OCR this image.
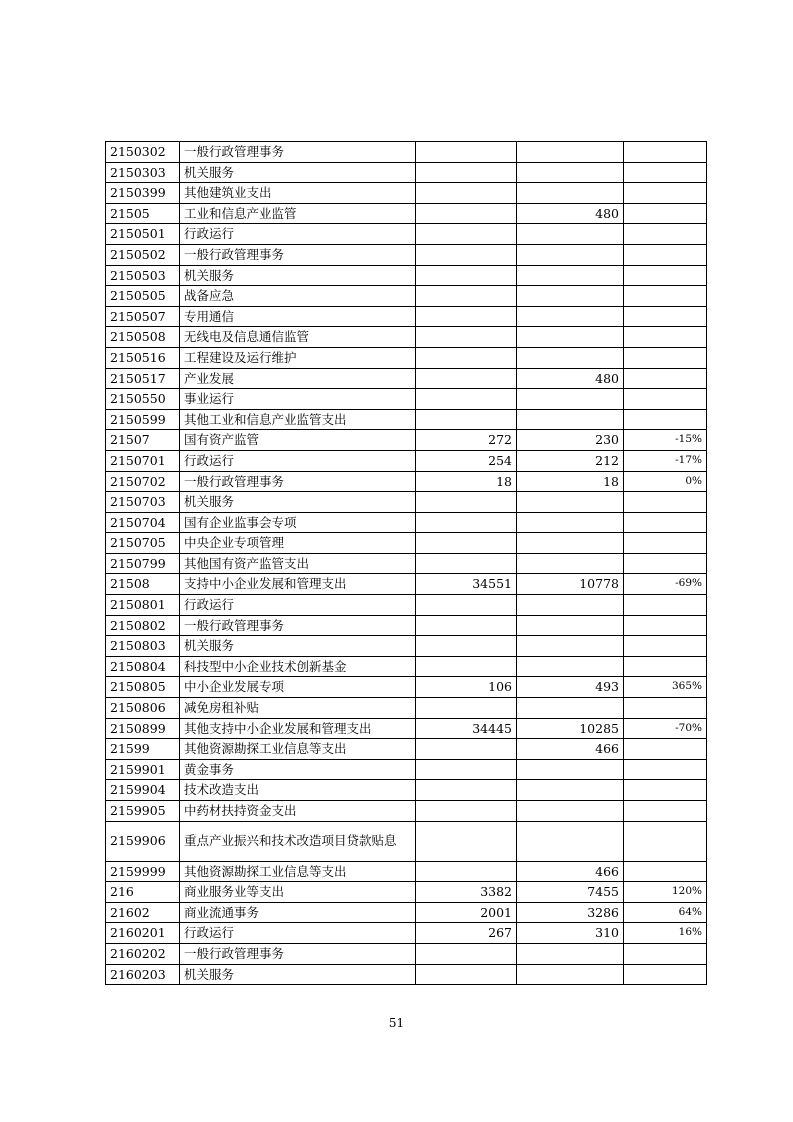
2150302	一般行政管理事务			
2150303	机关服务			
2150399	其他建筑业支出			
21505	工业和信息产业监管		480	
2150501	行政运行			
2150502	一般行政管理事务			
2150503	机关服务			
2150505	战备应急			
2150507	专用通信			
2150508	无线电及信息通信监管			
2150516	工程建设及运行维护			
2150517	产业发展		480	
2150550	事业运行			
2150599	其他工业和信息产业监管支出			
21507	国有资产监管	272	230	-15%
2150701	行政运行	254	212	-17%
2150702	一般行政管理事务	18	18	0%
2150703	机关服务			
2150704	国有企业监事会专项			
2150705	中央企业专项管理			
2150799	其他国有资产监管支出			
21508	支持中小企业发展和管理支出	34551	10778	-69%
2150801	行政运行			
2150802	一般行政管理事务			
2150803	机关服务			
2150804	科技型中小企业技术创新基金			
2150805	中小企业发展专项	106	493	365%
2150806	减免房租补贴			
2150899	其他支持中小企业发展和管理支出	34445	10285	-70%
21599	其他资源勘探工业信息等支出		466	
2159901	黄金事务			
2159904	技术改造支出			
2159905	中药材扶持资金支出			
2159906	重点产业振兴和技术改造项目贷款贴息			
2159999	其他资源勘探工业信息等支出		466	
216	商业服务业等支出	3382	7455	120%
21602	商业流通事务	2001	3286	64%
2160201	行政运行	267	310	16%
2160202	一般行政管理事务			
2160203	机关服务			
51
